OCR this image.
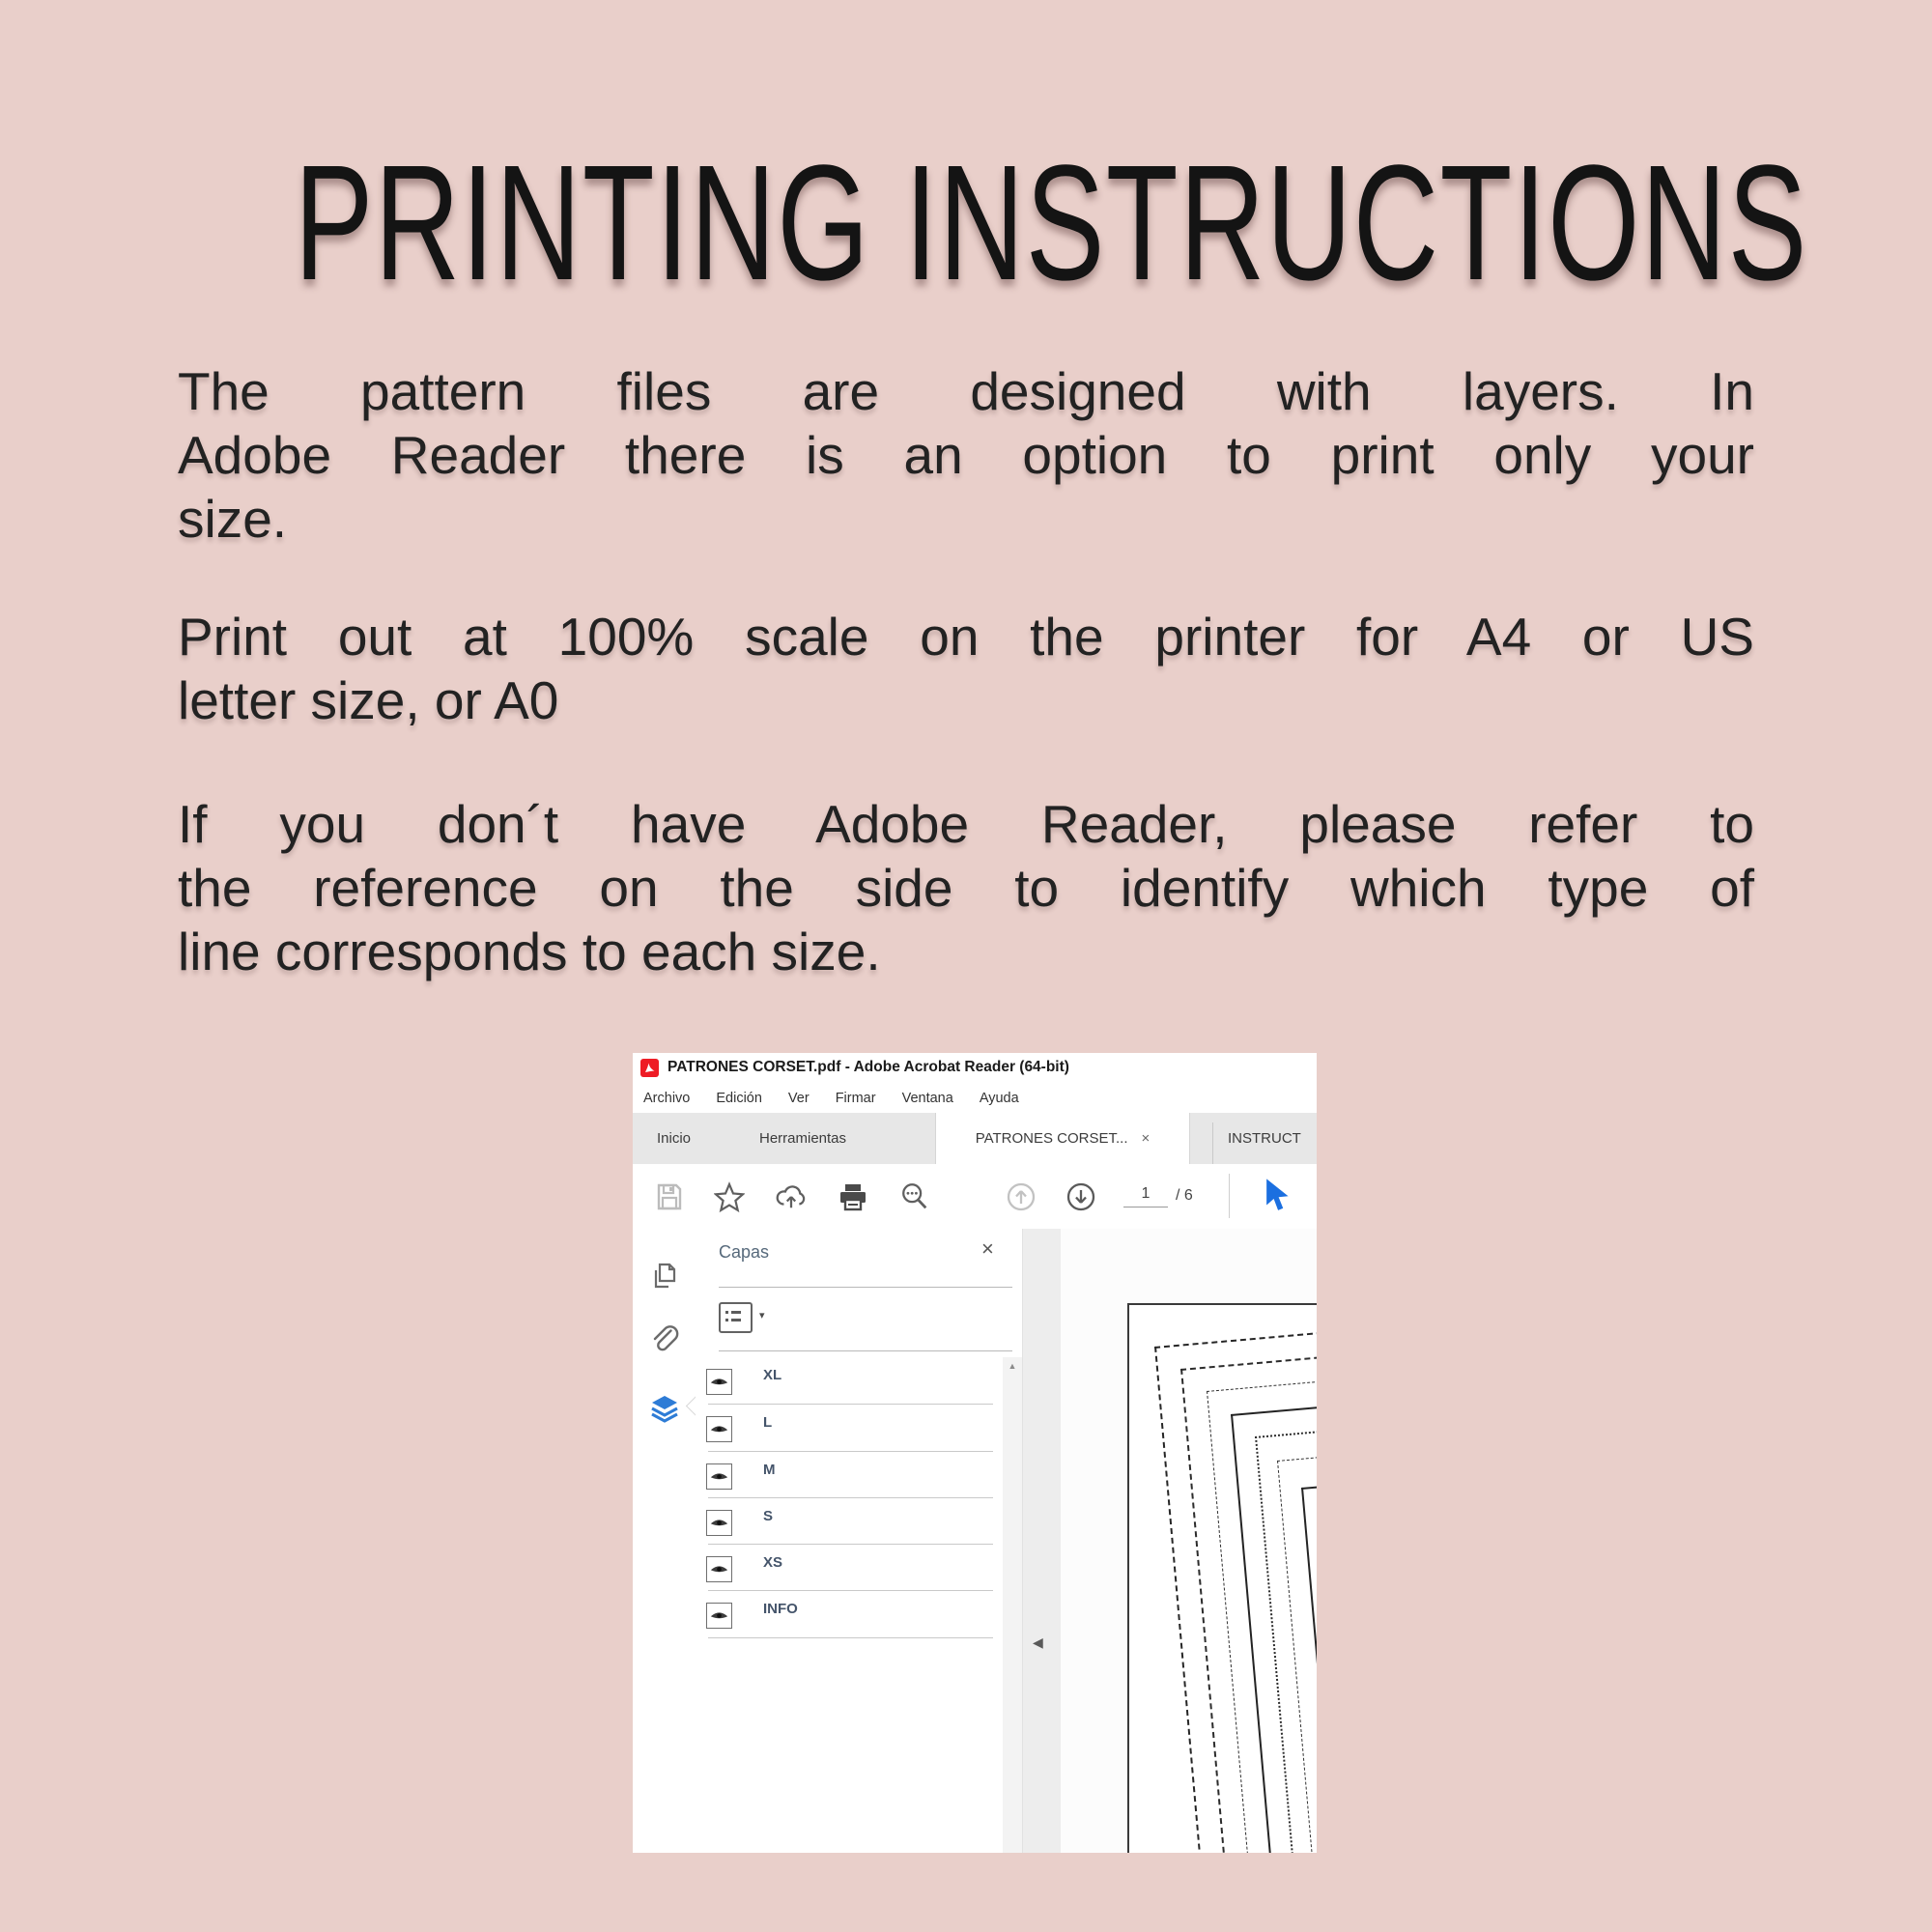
PRINTING INSTRUCTIONS

The pattern files are designed with layers. In
Adobe Reader there is an option to print only your
size.

Print out at 100% scale on the printer for A4 or US
letter size, or A0

If you don´t have Adobe Reader, please refer to
the reference on the side to identify which type of
line corresponds to each size.

PATRONES CORSET.pdf - Adobe Acrobat Reader (64-bit)
Archivo Edición Ver Firmar Ventana Ayuda
Inicio	Herramientas	PATRONES CORSET... ×	INSTRUCT
1	/ 6
Capas	×
▾
XL
L
M
S
XS
INFO
▲
◀
